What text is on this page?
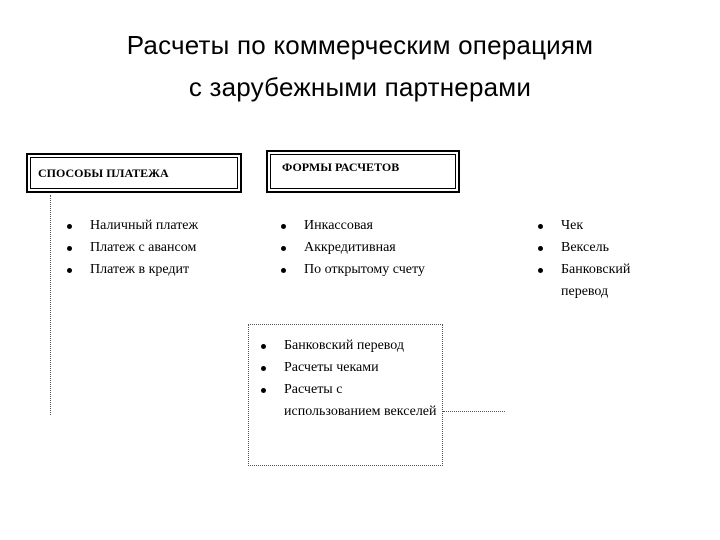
Расчеты по коммерческим операциям
с зарубежными партнерами
СПОСОБЫ ПЛАТЕЖА	ФОРМЫ РАСЧЕТОВ
Наличный платеж
Платеж с авансом
Платеж в кредит
Инкассовая
Аккредитивная
По открытому счету
Чек
Вексель
Банковский перевод
Банковский перевод
Расчеты чеками
Расчеты с использованием векселей
